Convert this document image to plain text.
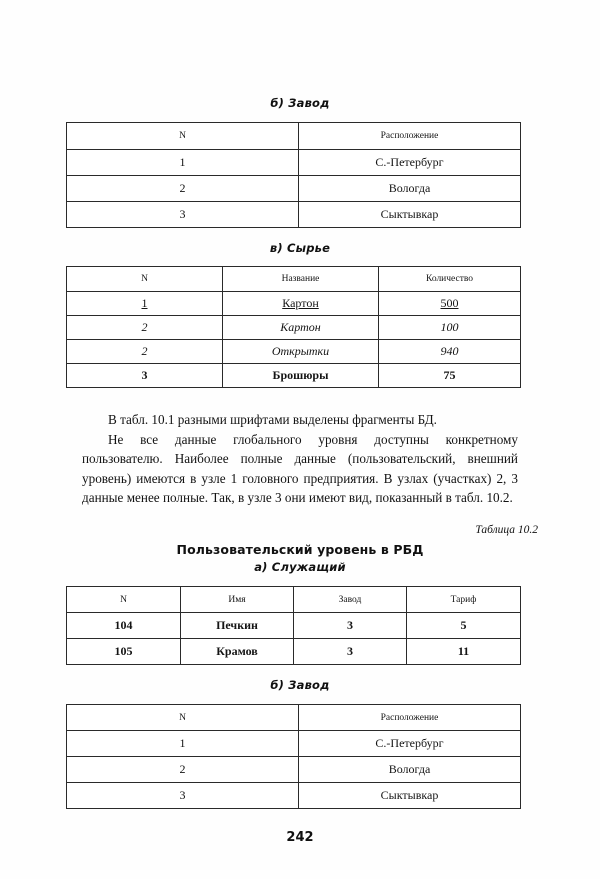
б) Завод
N	Расположение
1	С.-Петербург
2	Вологда
3	Сыктывкар
в) Сырье
N	Название	Количество
1	Картон	500
2	Картон	100
2	Открытки	940
3	Брошюры	75

В табл. 10.1 разными шрифтами выделены фрагменты БД.

Не все данные глобального уровня доступны конкретному пользователю. Наиболее полные данные (пользовательский, внешний уровень) имеются в узле 1 головного предприятия. В узлах (участках) 2, 3 данные менее полные. Так, в узле 3 они имеют вид, показанный в табл. 10.2.

Таблица 10.2
Пользовательский уровень в РБД
а) Служащий
N	Имя	Завод	Тариф
104	Печкин	3	5
105	Крамов	3	11
б) Завод
N	Расположение
1	С.-Петербург
2	Вологда
3	Сыктывкар
242
